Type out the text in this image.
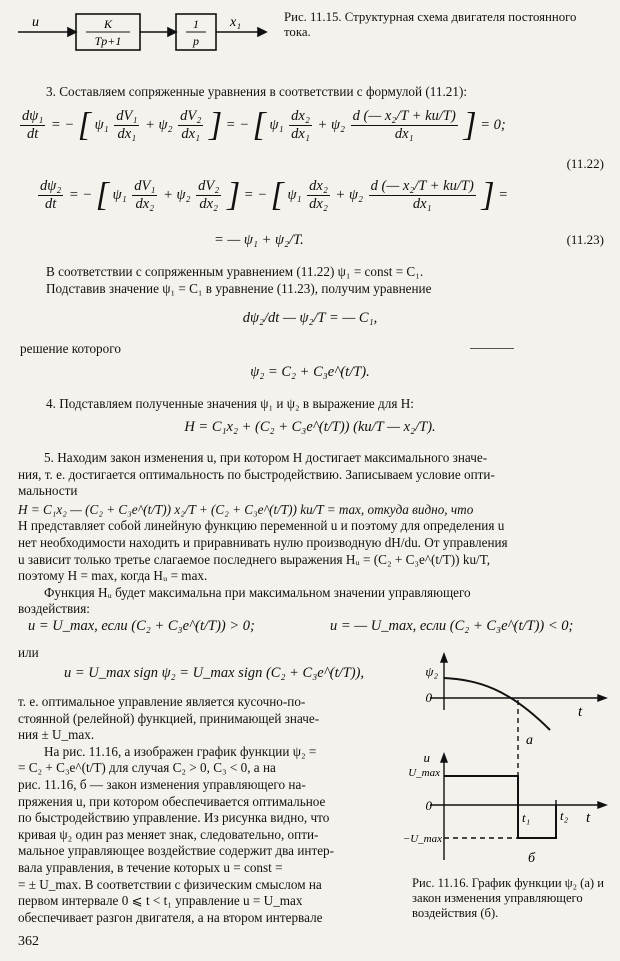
u	K
Tp+1
1
p
x₁	Рис. 11.15. Структурная схема двигателя постоянного тока.
3. Составляем сопряженные уравнения в соответствии с формулой (11.21):
$\frac{\text{dψ₁}}{dt}$ = − [ $\psi_1 \frac{\text{dV₁}}{\text{dx₁}} + \psi_2 \frac{\text{dV₂}}{\text{dx₁}}$ ] = − [ $\psi_1 \frac{\text{dx₂}}{\text{dx₁}} + \psi_2 \frac{\text{d (— x₂/T + ku/T)}}{\text{dx₁}}$ ] = 0;
(11.22)
$\frac{\text{dψ₂}}{dt}$ = − [ $\psi_1 \frac{\text{dV₁}}{\text{dx₂}} + \psi_2 \frac{\text{dV₂}}{\text{dx₂}}$ ] = − [ $\psi_1 \frac{\text{dx₂}}{\text{dx₂}} + \psi_2 \frac{\text{d (— x₂/T + ku/T)}}{\text{dx₁}}$ ] =
= — ψ₁ + ψ₂/T.	(11.23)
В соответствии с сопряженным уравнением (11.22) ψ₁ = const = C₁.
Подставив значение ψ₁ = C₁ в уравнение (11.23), получим уравнение
dψ₂/dt — ψ₂/T = — C₁,
решение которого
ψ₂ = C₂ + C₃e^(t/T).
4. Подставляем полученные значения ψ₁ и ψ₂ в выражение для H:
H = C₁x₂ + (C₂ + C₃e^(t/T)) (ku/T — x₂/T).

5. Находим закон изменения u, при котором H достигает максимального значе-

ния, т. е. достигается оптимальность по быстродействию. Записываем условие опти-

мальности

H = C₁x₂ — (C₂ + C₃e^(t/T)) x₂/T + (C₂ + C₃e^(t/T)) ku/T = max, откуда видно, что

H представляет собой линейную функцию переменной u и поэтому для определения u

нет необходимости находить и приравнивать нулю производную dH/du. От управления

u зависит только третье слагаемое последнего выражения Hᵤ = (C₂ + C₃e^(t/T)) ku/T,

поэтому H = max, когда Hᵤ = max.

Функция Hᵤ будет максимальна при максимальном значении управляющего

воздействия:

u = U_max, если (C₂ + C₃e^(t/T)) > 0;	u = — U_max, если (C₂ + C₃e^(t/T)) < 0;
или
u = U_max sign ψ₂ = U_max sign (C₂ + C₃e^(t/T)),

т. е. оптимальное управление является кусочно-по-

стоянной (релейной) функцией, принимающей значе-

ния ± U_max.

На рис. 11.16, а изображен график функции ψ₂ =

= C₂ + C₃e^(t/T) для случая C₂ > 0, C₃ < 0, а на

рис. 11.16, б — закон изменения управляющего на-

пряжения u, при котором обеспечивается оптимальное

по быстродействию управление. Из рисунка видно, что

кривая ψ₂ один раз меняет знак, следовательно, опти-

мальное управляющее воздействие содержит два интер-

вала управления, в течение которых u = const =

= ± U_max. В соответствии с физическим смыслом на

первом интервале 0 ⩽ t < t₁ управление u = U_max

обеспечивает разгон двигателя, а на втором интервале

ψ₂
0
t
а
u
U_max
0
−U_max
t₁ t₂ t
б
Рис. 11.16. График функции ψ₂ (а) и закон изменения управляющего воздействия (б).
362
